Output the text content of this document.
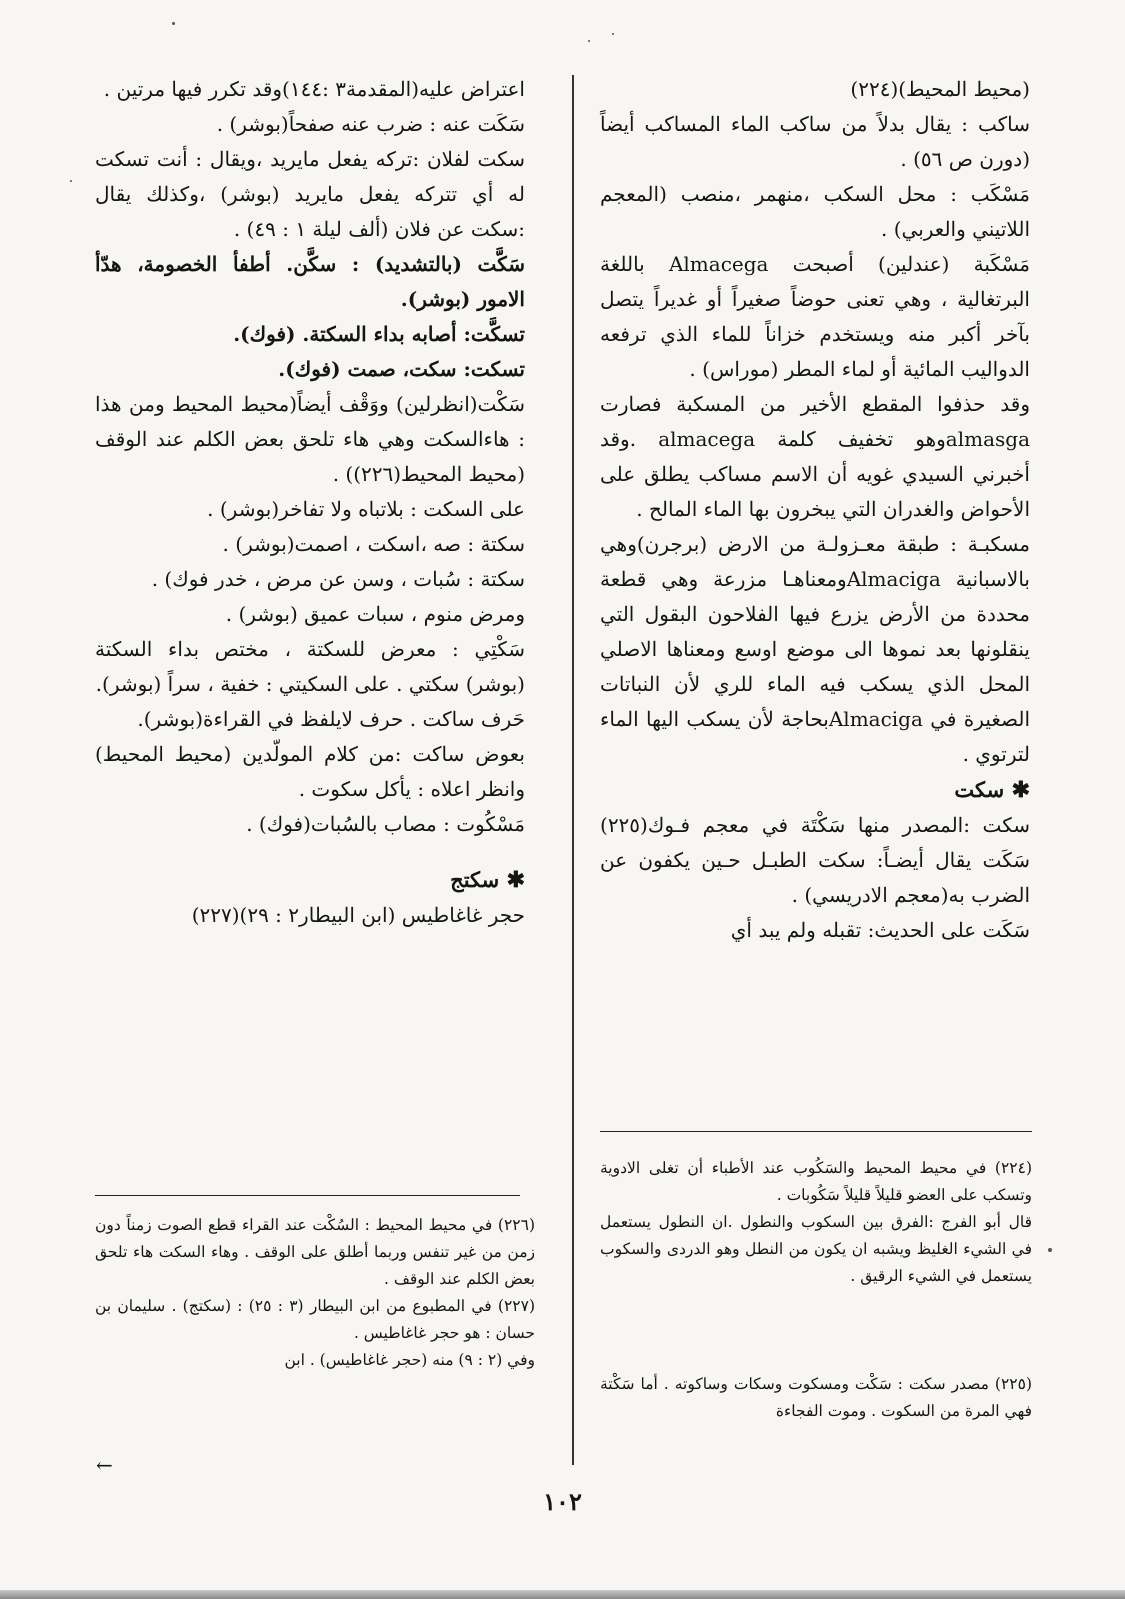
(محيط المحيط)(٢٢٤)

ساكب : يقال بدلاً من ساكب الماء المساكب أيضاً (دورن ص ٥٦) .

مَسْكَب : محل السكب ،منهمر ،منصب (المعجم اللاتيني والعربي) .

مَسْكَبة (عندلين) أصبحت Almacega باللغة البرتغالية ، وهي تعنى حوضاً صغيراً أو غديراً يتصل بآخر أكبر منه ويستخدم خزاناً للماء الذي ترفعه الدواليب المائية أو لماء المطر (موراس) .

وقد حذفوا المقطع الأخير من المسكبة فصارت almasgaوهو تخفيف كلمة almacega .وقد أخبرني السيدي غويه أن الاسم مساكب يطلق على الأحواض والغدران التي يبخرون بها الماء المالح .

مسكبـة : طبقة معـزولـة من الارض (برجرن)وهي بالاسبانية Almacigaومعناهـا مزرعة وهي قطعة محددة من الأرض يزرع فيها الفلاحون البقول التي ينقلونها بعد نموها الى موضع اوسع ومعناها الاصلي المحل الذي يسكب فيه الماء للري لأن النباتات الصغيرة في Almacigaبحاجة لأن يسكب اليها الماء لترتوي .

✱ سكت

سكت :المصدر منها سَكْتَة في معجم فـوك(٢٢٥) سَكَت يقال أيضـاً: سكت الطبـل حـين يكفون عن الضرب به(معجم الادريسي) .

سَكَت على الحديث: تقبله ولم يبد أي

اعتراض عليه(المقدمة٣ :١٤٤)وقد تكرر فيها مرتين .

سَكَت عنه : ضرب عنه صفحاً(بوشر) .

سكت لفلان :تركه يفعل مايريد ،ويقال : أنت تسكت له أي تتركه يفعل مايريد (بوشر) ،وكذلك يقال :سكت عن فلان (ألف ليلة ١ : ٤٩) .

سَكَّت (بالتشديد) : سكَّن. أطفأ الخصومة، هدّأ الامور (بوشر).

تسكَّت: أصابه بداء السكتة. (فوك).

تسكت: سكت، صمت (فوك).

سَكْت(انظرلين) ووَقْف أيضاً(محيط المحيط ومن هذا : هاءالسكت وهي هاء تلحق بعض الكلم عند الوقف (محيط المحيط(٢٢٦)) .

على السكت : بلاتباه ولا تفاخر(بوشر) .

سكتة : صه ،اسكت ، اصمت(بوشر) .

سكتة : سُبات ، وسن عن مرض ، خدر فوك) .

ومرض منوم ، سبات عميق (بوشر) .

سَكْتِي : معرض للسكتة ، مختص بداء السكتة (بوشر) سكتي . على السكيتي : خفية ، سراً (بوشر).

حَرف ساكت . حرف لايلفظ في القراءة(بوشر).

بعوض ساكت :من كلام المولّدين (محيط المحيط) وانظر اعلاه : يأكل سكوت .

مَسْكُوت : مصاب بالسُبات(فوك) .

✱ سكتج

حجر غاغاطيس (ابن البيطار٢ : ٢٩)(٢٢٧)

(٢٢٤) في محيط المحيط والسَكُوب عند الأطباء أن تغلى الادوية وتسكب على العضو قليلاً قليلاً سَكُوبات .

قال أبو الفرج :الفرق بين السكوب والنطول .ان النطول يستعمل في الشيء الغليظ ويشبه ان يكون من النطل وهو الدردى والسكوب يستعمل في الشيء الرقيق .

(٢٢٥) مصدر سكت : سَكْت ومسكوت وسكات وساكوته . أما سَكْتة فهي المرة من السكوت . وموت الفجاءة

(٢٢٦) في محيط المحيط : السُكْت عند القراء قطع الصوت زمناً دون زمن من غير تنفس وربما أطلق على الوقف . وهاء السكت هاء تلحق بعض الكلم عند الوقف .

(٢٢٧) في المطبوع من ابن البيطار (٣ : ٢٥) : (سكتج) . سليمان بن حسان : هو حجر غاغاطيس .

وفي (٢ : ٩) منه (حجر غاغاطيس) . ابن

←
١٠٢
